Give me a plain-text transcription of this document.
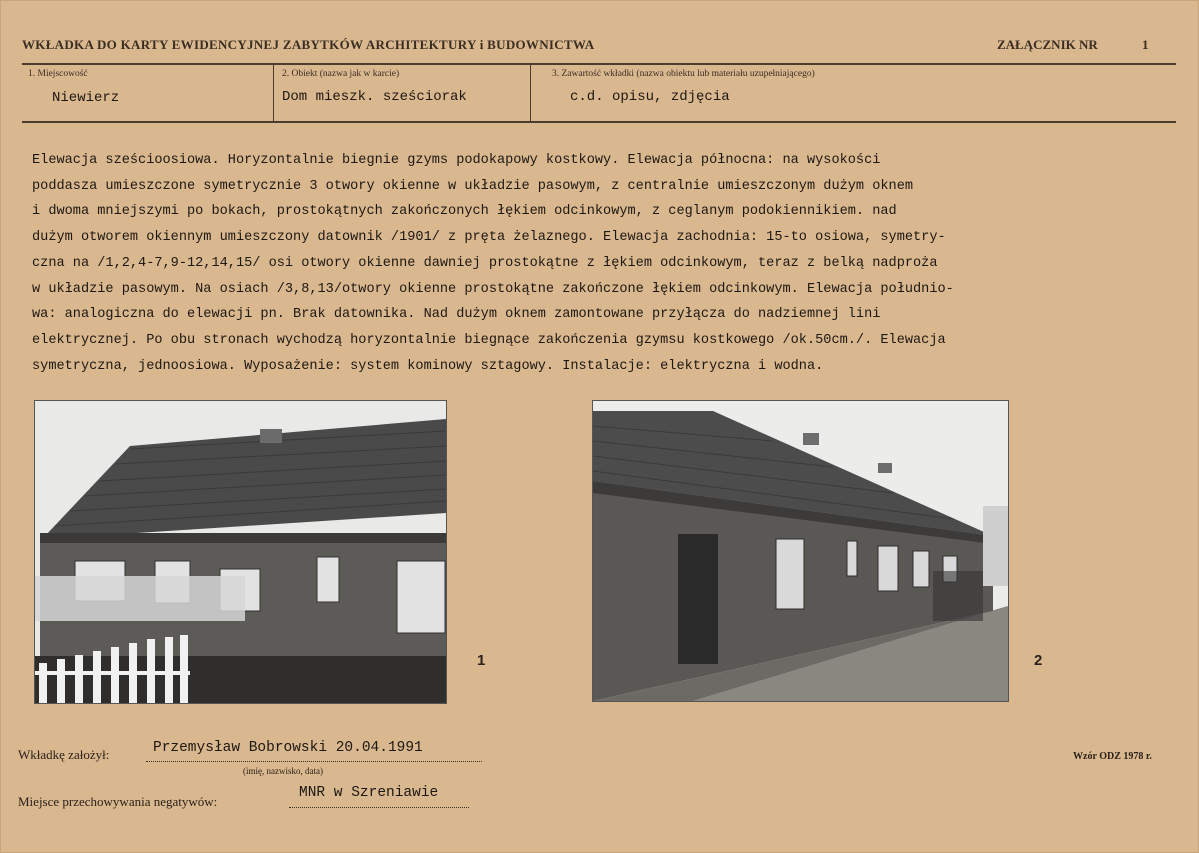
WKŁADKA DO KARTY EWIDENCYJNEJ ZABYTKÓW ARCHITEKTURY i BUDOWNICTWA	ZAŁĄCZNIK NR	1
1. Miejscowość
Niewierz
2. Obiekt (nazwa jak w karcie)
Dom mieszk. sześciorak
3. Zawartość wkładki (nazwa obiektu lub materiału uzupełniającego)
c.d. opisu, zdjęcia

Elewacja sześcioosiowa. Horyzontalnie biegnie gzyms podokapowy kostkowy. Elewacja północna: na wysokości

poddasza umieszczone symetrycznie 3 otwory okienne w układzie pasowym, z centralnie umieszczonym dużym oknem

i dwoma mniejszymi po bokach, prostokątnych zakończonych łękiem odcinkowym, z ceglanym podokiennikiem. nad

dużym otworem okiennym umieszczony datownik /1901/ z pręta żelaznego. Elewacja zachodnia: 15-to osiowa, symetry-

czna na /1,2,4-7,9-12,14,15/ osi otwory okienne dawniej prostokątne z łękiem odcinkowym, teraz z belką nadproża

w układzie pasowym. Na osiach /3,8,13/otwory okienne prostokątne zakończone łękiem odcinkowym. Elewacja południo-

wa: analogiczna do elewacji pn. Brak datownika. Nad dużym oknem zamontowane przyłącza do nadziemnej lini

elektrycznej. Po obu stronach wychodzą horyzontalnie biegnące zakończenia gzymsu kostkowego /ok.50cm./. Elewacja

symetryczna, jednoosiowa. Wyposażenie: system kominowy sztagowy. Instalacje: elektryczna i wodna.

1	2
Wkładkę założył:	Przemysław Bobrowski 20.04.1991
(imię, nazwisko, data)
Miejsce przechowywania negatywów:
MNR w Szreniawie
Wzór ODZ 1978 r.
